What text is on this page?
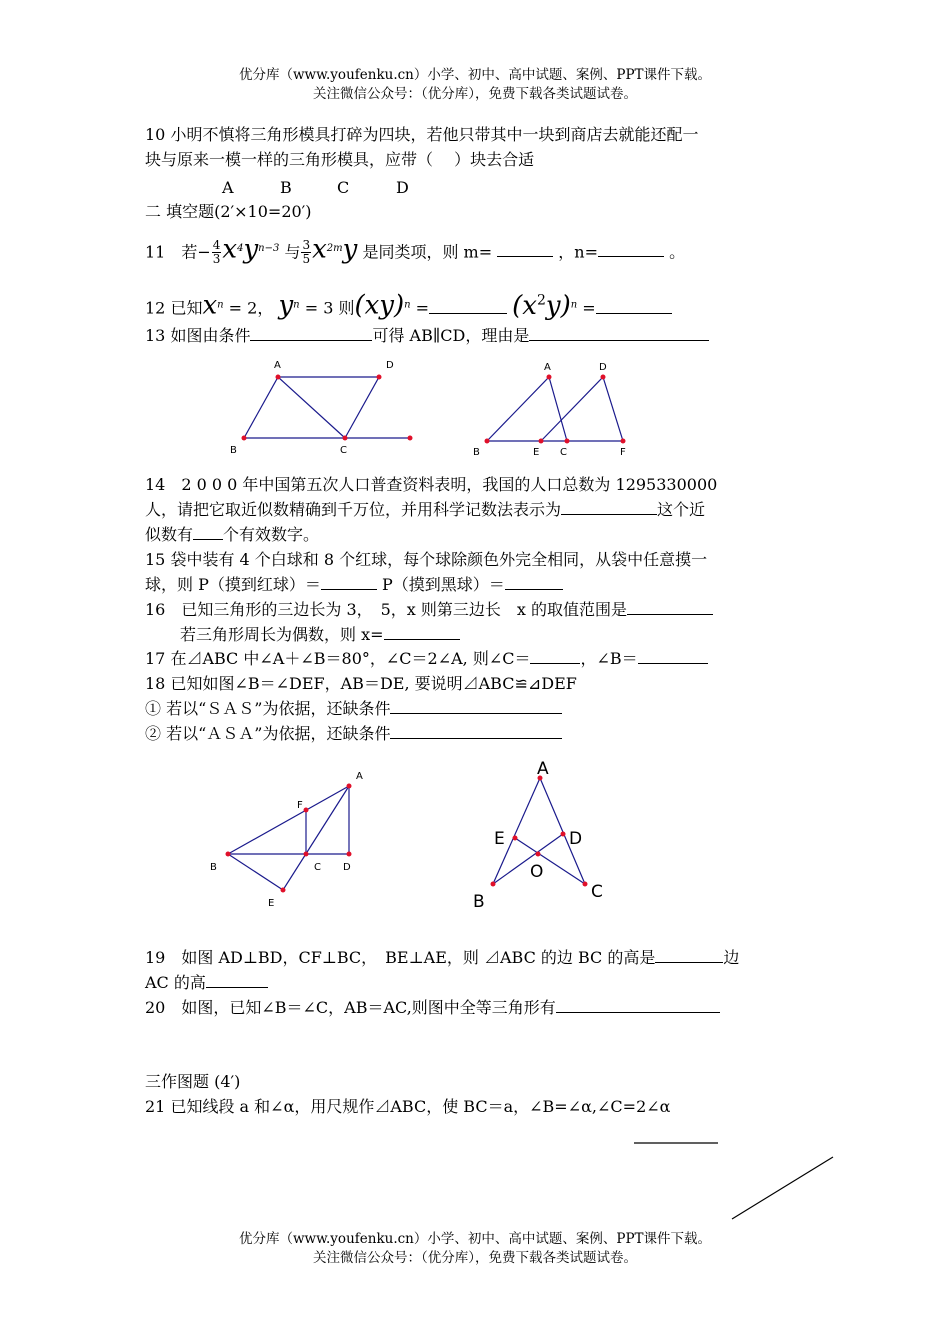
优分库（www.youfenku.cn）小学、初中、高中试题、案例、PPT课件下载。
关注微信公众号：（优分库），免费下载各类试题试卷。
10 小明不慎将三角形模具打碎为四块，若他只带其中一块到商店去就能还配一
块与原来一模一样的三角形模具，应带（　 ）块去合适
A	B	C	D
二 填空题(2′×10=20′)
11　若− $\frac{4}{3} x^4y^{n-3}$ 与 $\frac{3}{5} x^{2m}y$ 是同类项，则 m=	，n=	。
12 已知$x^n = 2$， $y^n = 3$ 则(xy)$^n$ =	$(x^2y)^n$ =
13 如图由条件	可得 AB∥CD，理由是
A	D
B	C
A	D
B	E C	F
14　2 0 0 0 年中国第五次人口普查资料表明，我国的人口总数为 1295330000
人，请把它取近似数精确到千万位，并用科学记数法表示为	这个近
似数有 个有效数字。
15 袋中装有 4 个白球和 8 个红球，每个球除颜色外完全相同，从袋中任意摸一
球，则 P（摸到红球）＝	P（摸到黑球）＝
16　已知三角形的三边长为 3，　5，x 则第三边长　x 的取值范围是
若三角形周长为偶数，则 x=
17 在⊿ABC 中∠A＋∠B＝80°，∠C＝2∠A, 则∠C＝	，∠B＝
18 已知如图∠B＝∠DEF，AB＝DE, 要说明⊿ABC≌⊿DEF
① 若以“ＳＡＳ”为依据，还缺条件
② 若以“ＡＳＡ”为依据，还缺条件
A
F
B	C D
E
A
E	D
O
B	C
19　如图 AD⊥BD，CF⊥BC，　BE⊥AE，则 ⊿ABC 的边 BC 的高是	边
AC 的高
20　如图，已知∠B＝∠C，AB＝AC,则图中全等三角形有
三作图题 (4′)
21 已知线段 a 和∠α，用尺规作⊿ABC，使 BC＝a，∠B=∠α,∠C=2∠α
优分库（www.youfenku.cn）小学、初中、高中试题、案例、PPT课件下载。
关注微信公众号：（优分库），免费下载各类试题试卷。
